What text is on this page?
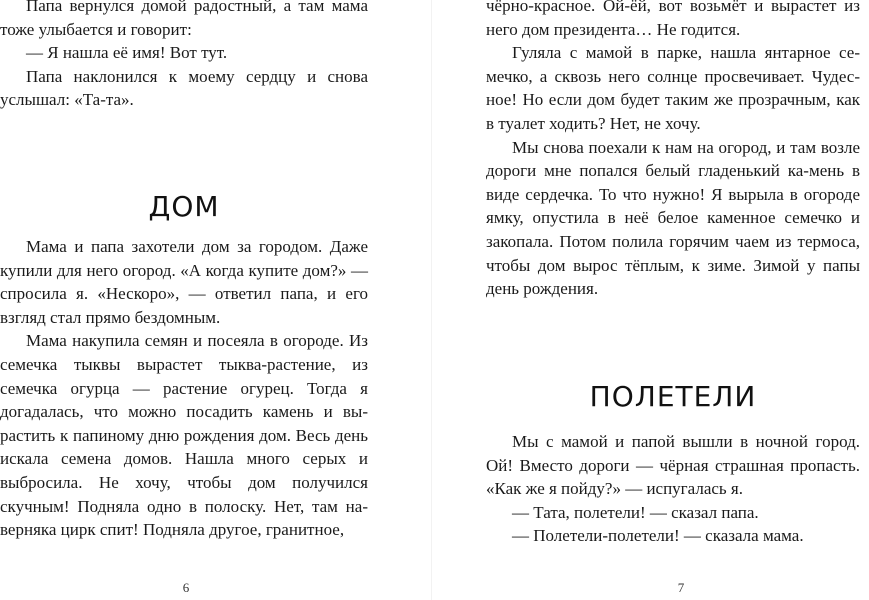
Папа вернулся домой радостный, а там мама тоже улыбается и говорит:

— Я нашла её имя! Вот тут.

Папа наклонился к моему сердцу и снова услышал: «Та-та».

ДОМ

Мама и папа захотели дом за городом. Даже купили для него огород. «А когда купите дом?» — спросила я. «Нескоро», — ответил папа, и его взгляд стал прямо бездомным.

Мама накупила семян и посеяла в огороде. Из семечка тыквы вырастет тыква-растение, из семечка огурца — растение огурец. Тогда я догадалась, что можно посадить камень и вы-растить к папиному дню рождения дом. Весь день искала семена домов. Нашла много серых и выбросила. Не хочу, чтобы дом получился скучным! Подняла одно в полоску. Нет, там на-верняка цирк спит! Подняла другое, гранитное,

6

чёрно-красное. Ой-ёй, вот возьмёт и вырастет из него дом президента… Не годится.

Гуляла с мамой в парке, нашла янтарное се-мечко, а сквозь него солнце просвечивает. Чудес-ное! Но если дом будет таким же прозрачным, как в туалет ходить? Нет, не хочу.

Мы снова поехали к нам на огород, и там возле дороги мне попался белый гладенький ка-мень в виде сердечка. То что нужно! Я вырыла в огороде ямку, опустила в неё белое каменное семечко и закопала. Потом полила горячим чаем из термоса, чтобы дом вырос тёплым, к зиме. Зимой у папы день рождения.

ПОЛЕТЕЛИ

Мы с мамой и папой вышли в ночной город. Ой! Вместо дороги — чёрная страшная пропасть. «Как же я пойду?» — испугалась я.

— Тата, полетели! — сказал папа.

— Полетели-полетели! — сказала мама.

7
